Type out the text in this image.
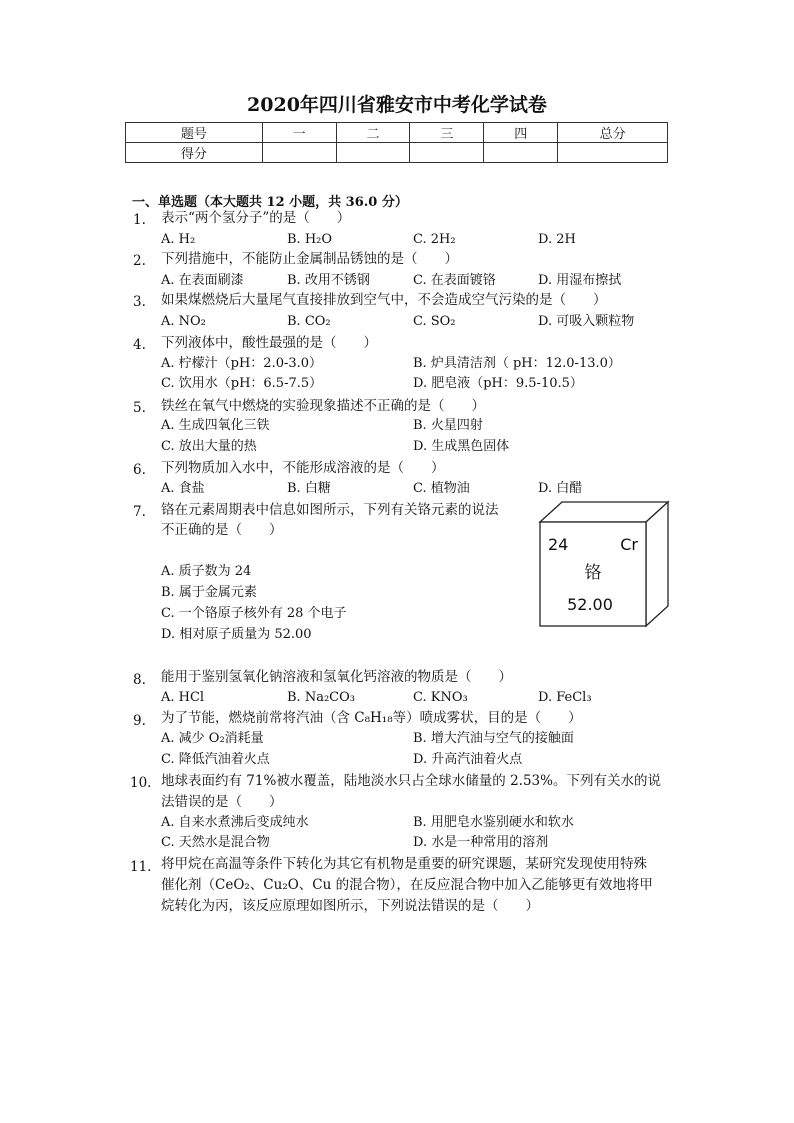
2020年四川省雅安市中考化学试卷
题号	一	二	三	四	总分
得分					
一、单选题（本大题共 12 小题，共 36.0 分）
1. 表示“两个氢分子”的是（　　）
A. H₂	B. H₂O	C. 2H₂	D. 2H
2. 下列措施中，不能防止金属制品锈蚀的是（　　）
A. 在表面刷漆	B. 改用不锈钢	C. 在表面镀铬	D. 用湿布擦拭
3. 如果煤燃烧后大量尾气直接排放到空气中，不会造成空气污染的是（　　）
A. NO₂	B. CO₂	C. SO₂	D. 可吸入颗粒物
4. 下列液体中，酸性最强的是（　　）
A. 柠檬汁（pH：2.0-3.0）	B. 炉具清洁剂（ pH：12.0-13.0）
C. 饮用水（pH：6.5-7.5）	D. 肥皂液（pH：9.5-10.5）
5. 铁丝在氧气中燃烧的实验现象描述不正确的是（　　）
A. 生成四氧化三铁	B. 火星四射
C. 放出大量的热	D. 生成黑色固体
6. 下列物质加入水中，不能形成溶液的是（　　）
A. 食盐	B. 白糖	C. 植物油	D. 白醋
7. 铬在元素周期表中信息如图所示，下列有关铬元素的说法
不正确的是（　　）
A. 质子数为 24
B. 属于金属元素
C. 一个铬原子核外有 28 个电子
D. 相对原子质量为 52.00
24	Cr
铬
52.00
8. 能用于鉴别氢氧化钠溶液和氢氧化钙溶液的物质是（　　）
A. HCl	B. Na₂CO₃	C. KNO₃	D. FeCl₃
9. 为了节能，燃烧前常将汽油（含 C₈H₁₈等）喷成雾状，目的是（　　）
A. 减少 O₂消耗量	B. 增大汽油与空气的接触面
C. 降低汽油着火点	D. 升高汽油着火点
10. 地球表面约有 71%被水覆盖，陆地淡水只占全球水储量的 2.53%。下列有关水的说
法错误的是（　　）
A. 自来水煮沸后变成纯水	B. 用肥皂水鉴别硬水和软水
C. 天然水是混合物	D. 水是一种常用的溶剂
11. 将甲烷在高温等条件下转化为其它有机物是重要的研究课题，某研究发现使用特殊
催化剂（CeO₂、Cu₂O、Cu 的混合物），在反应混合物中加入乙能够更有效地将甲
烷转化为丙，该反应原理如图所示，下列说法错误的是（　　）
